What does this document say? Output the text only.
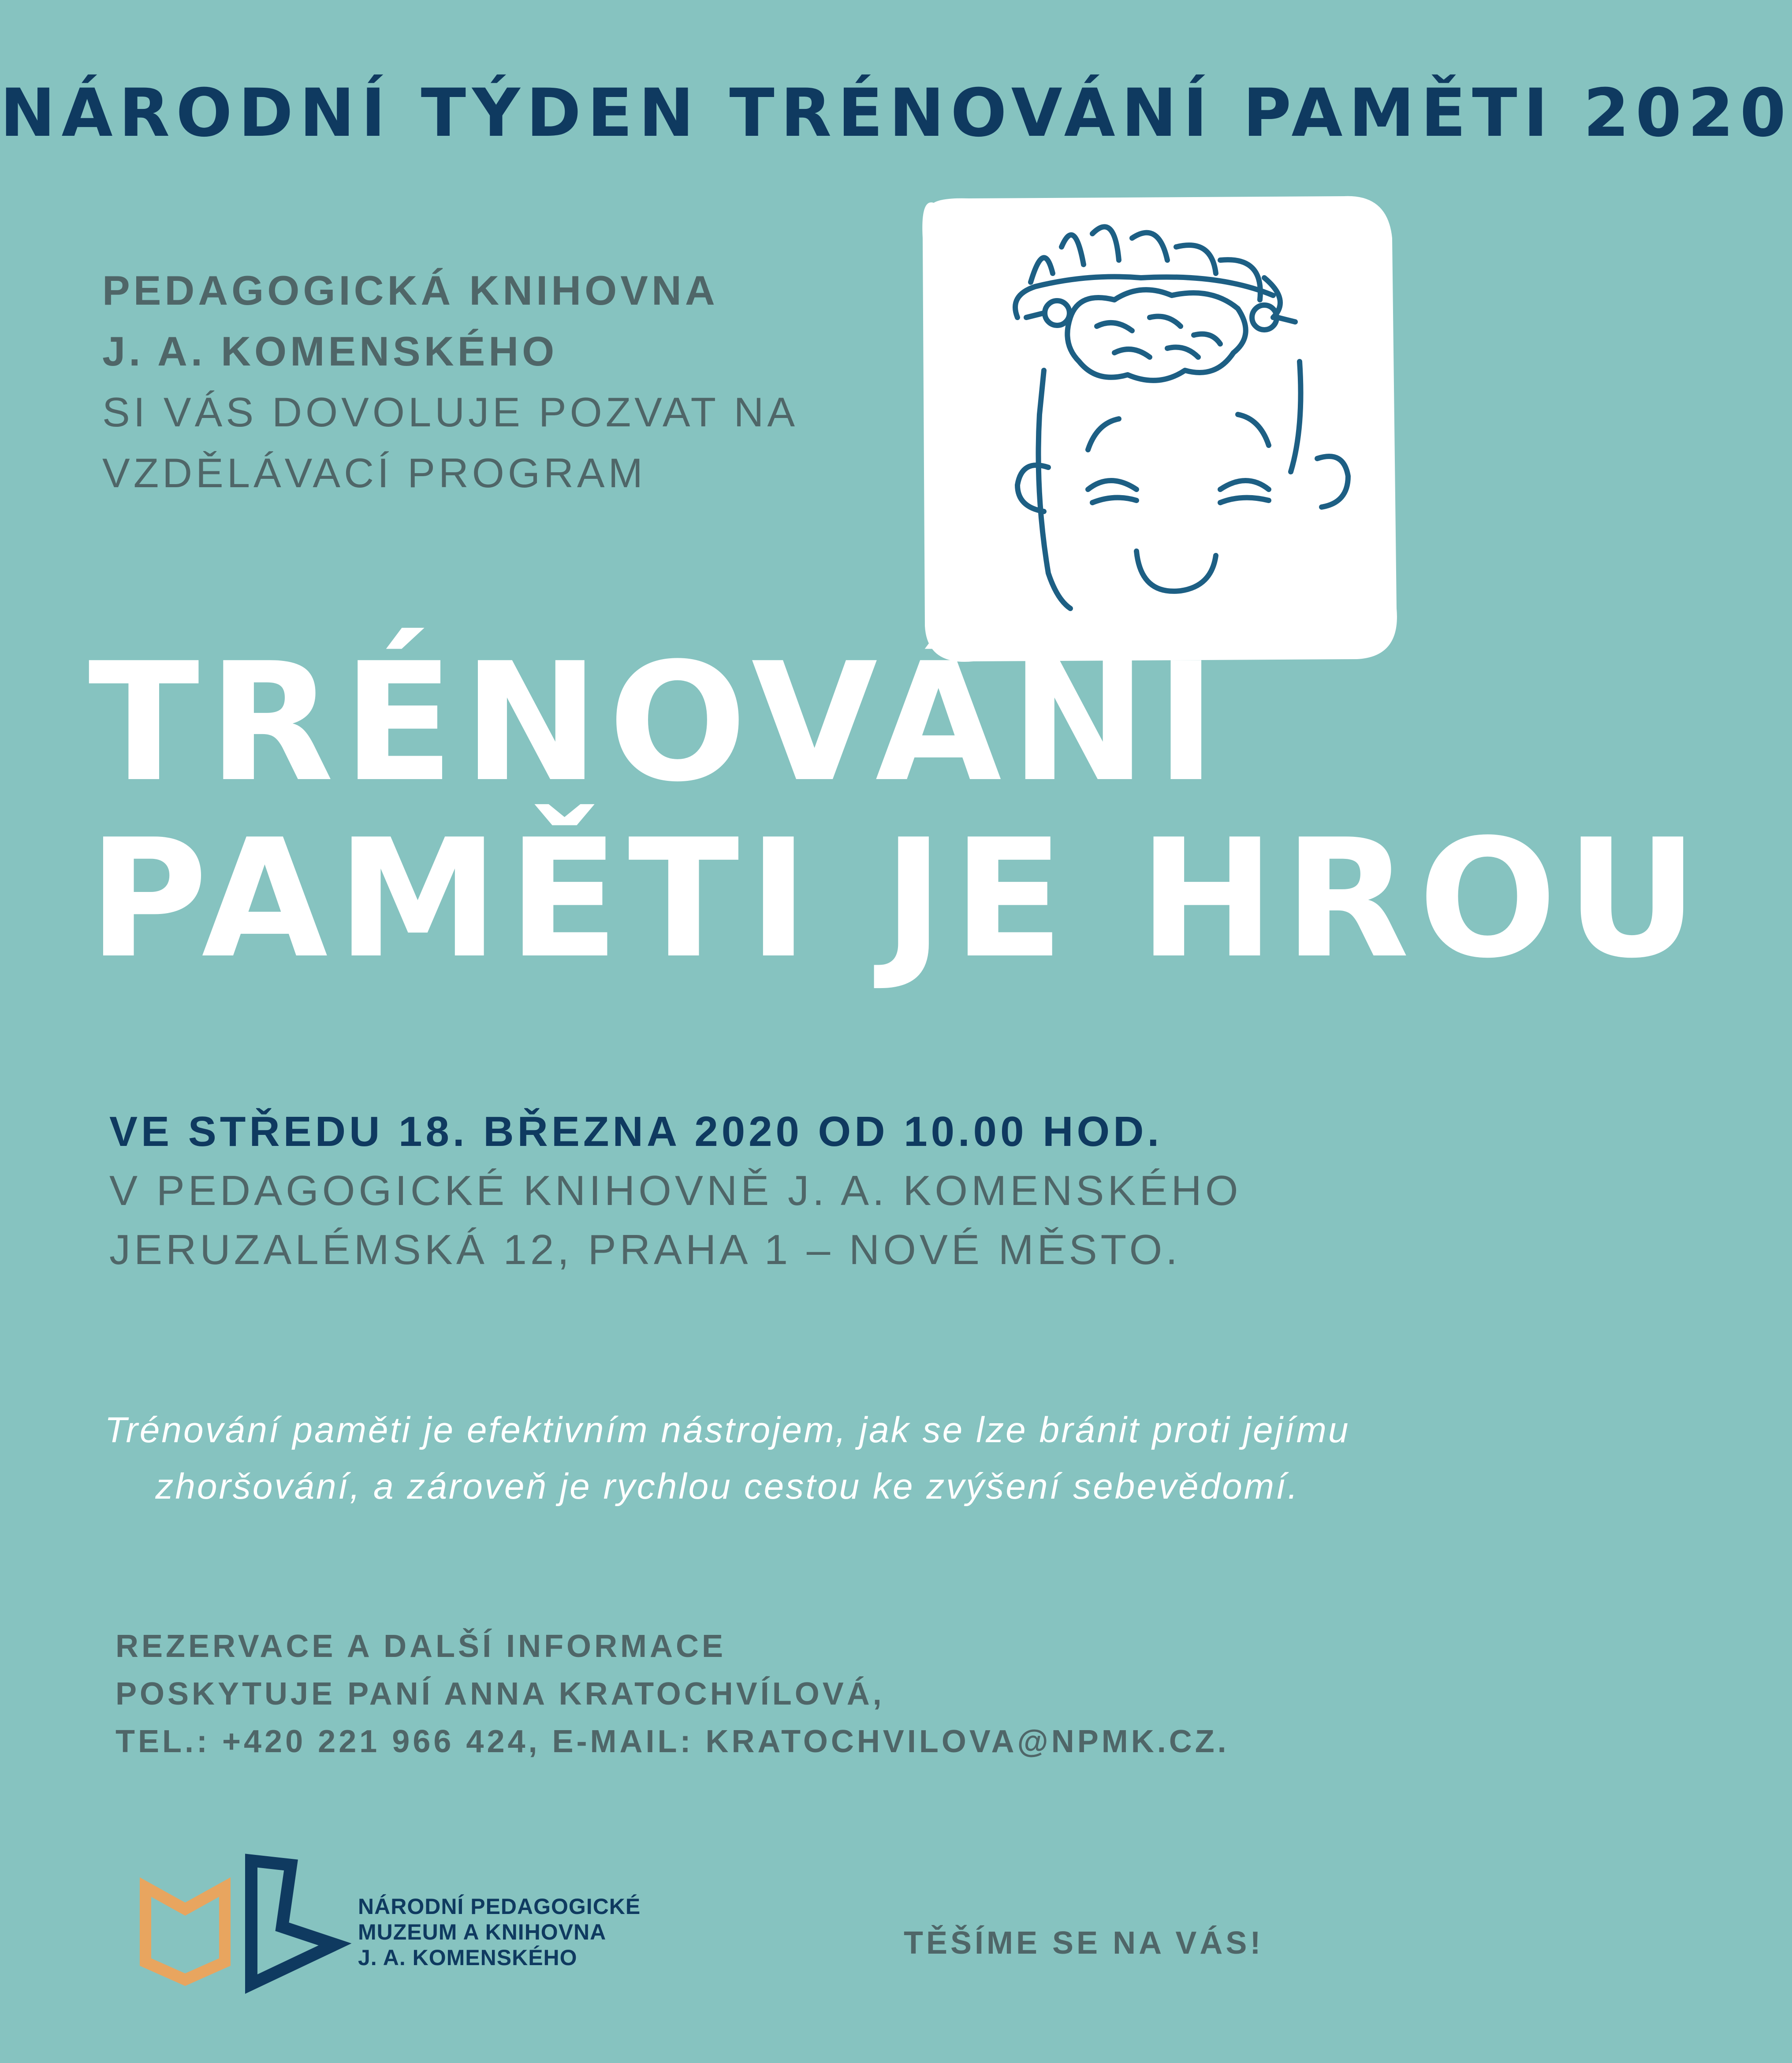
NÁRODNÍ TÝDEN TRÉNOVÁNÍ PAMĚTI 2020
PEDAGOGICKÁ KNIHOVNA
J. A. KOMENSKÉHO
SI VÁS DOVOLUJE POZVAT NA
VZDĚLÁVACÍ PROGRAM
TRÉNOVÁNÍ
PAMĚTI JE HROU
VE STŘEDU 18. BŘEZNA 2020 OD 10.00 HOD.
V PEDAGOGICKÉ KNIHOVNĚ J. A. KOMENSKÉHO
JERUZALÉMSKÁ 12, PRAHA 1 – NOVÉ MĚSTO.
Trénování paměti je efektivním nástrojem, jak se lze bránit proti jejímu
zhoršování, a zároveň je rychlou cestou ke zvýšení sebevědomí.
REZERVACE A DALŠÍ INFORMACE
POSKYTUJE PANÍ ANNA KRATOCHVÍLOVÁ,
TEL.: +420 221 966 424, E-MAIL: KRATOCHVILOVA@NPMK.CZ.
NÁRODNÍ PEDAGOGICKÉ
MUZEUM A KNIHOVNA
J. A. KOMENSKÉHO	TĚŠÍME SE NA VÁS!
